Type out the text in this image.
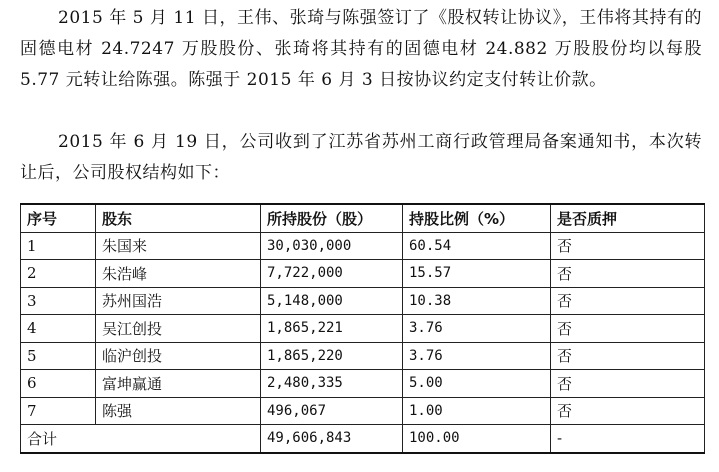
2015 年 5 月 11 日，王伟、张琦与陈强签订了《股权转让协议》，王伟将其持有的固德电材 24.7247 万股股份、张琦将其持有的固德电材 24.882 万股股份均以每股 5.77 元转让给陈强。陈强于 2015 年 6 月 3 日按协议约定支付转让价款。

2015 年 6 月 19 日，公司收到了江苏省苏州工商行政管理局备案通知书，本次转让后，公司股权结构如下：

序号	股东	所持股份（股）	持股比例（%）	是否质押
1	朱国来	30,030,000	60.54	否
2	朱浩峰	7,722,000	15.57	否
3	苏州国浩	5,148,000	10.38	否
4	吴江创投	1,865,221	3.76	否
5	临沪创投	1,865,220	3.76	否
6	富坤赢通	2,480,335	5.00	否
7	陈强	496,067	1.00	否
合计		49,606,843	100.00	-
